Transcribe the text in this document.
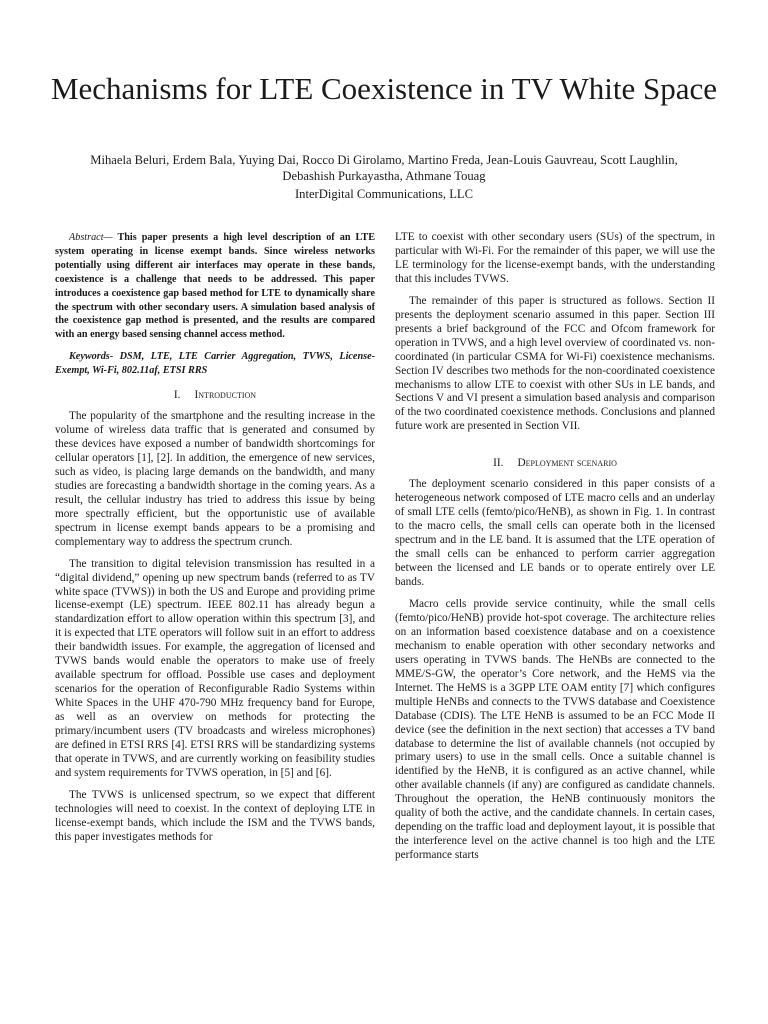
Mechanisms for LTE Coexistence in TV White Space
Mihaela Beluri, Erdem Bala, Yuying Dai, Rocco Di Girolamo, Martino Freda, Jean-Louis Gauvreau, Scott Laughlin,
Debashish Purkayastha, Athmane Touag
InterDigital Communications, LLC

Abstract— This paper presents a high level description of an LTE system operating in license exempt bands. Since wireless networks potentially using different air interfaces may operate in these bands, coexistence is a challenge that needs to be addressed. This paper introduces a coexistence gap based method for LTE to dynamically share the spectrum with other secondary users. A simulation based analysis of the coexistence gap method is presented, and the results are compared with an energy based sensing channel access method.

Keywords- DSM, LTE, LTE Carrier Aggregation, TVWS, License-Exempt, Wi-Fi, 802.11af, ETSI RRS

I. Introduction

The popularity of the smartphone and the resulting increase in the volume of wireless data traffic that is generated and consumed by these devices have exposed a number of bandwidth shortcomings for cellular operators [1], [2]. In addition, the emergence of new services, such as video, is placing large demands on the bandwidth, and many studies are forecasting a bandwidth shortage in the coming years. As a result, the cellular industry has tried to address this issue by being more spectrally efficient, but the opportunistic use of available spectrum in license exempt bands appears to be a promising and complementary way to address the spectrum crunch.

The transition to digital television transmission has resulted in a “digital dividend,” opening up new spectrum bands (referred to as TV white space (TVWS)) in both the US and Europe and providing prime license-exempt (LE) spectrum. IEEE 802.11 has already begun a standardization effort to allow operation within this spectrum [3], and it is expected that LTE operators will follow suit in an effort to address their bandwidth issues. For example, the aggregation of licensed and TVWS bands would enable the operators to make use of freely available spectrum for offload. Possible use cases and deployment scenarios for the operation of Reconfigurable Radio Systems within White Spaces in the UHF 470-790 MHz frequency band for Europe, as well as an overview on methods for protecting the primary/incumbent users (TV broadcasts and wireless microphones) are defined in ETSI RRS [4]. ETSI RRS will be standardizing systems that operate in TVWS, and are currently working on feasibility studies and system requirements for TVWS operation, in [5] and [6].

The TVWS is unlicensed spectrum, so we expect that different technologies will need to coexist. In the context of deploying LTE in license-exempt bands, which include the ISM and the TVWS bands, this paper investigates methods for

LTE to coexist with other secondary users (SUs) of the spectrum, in particular with Wi-Fi. For the remainder of this paper, we will use the LE terminology for the license-exempt bands, with the understanding that this includes TVWS.

The remainder of this paper is structured as follows. Section II presents the deployment scenario assumed in this paper. Section III presents a brief background of the FCC and Ofcom framework for operation in TVWS, and a high level overview of coordinated vs. non-coordinated (in particular CSMA for Wi-Fi) coexistence mechanisms. Section IV describes two methods for the non-coordinated coexistence mechanisms to allow LTE to coexist with other SUs in LE bands, and Sections V and VI present a simulation based analysis and comparison of the two coordinated coexistence methods. Conclusions and planned future work are presented in Section VII.

II. Deployment scenario

The deployment scenario considered in this paper consists of a heterogeneous network composed of LTE macro cells and an underlay of small LTE cells (femto/pico/HeNB), as shown in Fig. 1. In contrast to the macro cells, the small cells can operate both in the licensed spectrum and in the LE band. It is assumed that the LTE operation of the small cells can be enhanced to perform carrier aggregation between the licensed and LE bands or to operate entirely over LE bands.

Macro cells provide service continuity, while the small cells (femto/pico/HeNB) provide hot-spot coverage. The architecture relies on an information based coexistence database and on a coexistence mechanism to enable operation with other secondary networks and users operating in TVWS bands. The HeNBs are connected to the MME/S-GW, the operator’s Core network, and the HeMS via the Internet. The HeMS is a 3GPP LTE OAM entity [7] which configures multiple HeNBs and connects to the TVWS database and Coexistence Database (CDIS). The LTE HeNB is assumed to be an FCC Mode II device (see the definition in the next section) that accesses a TV band database to determine the list of available channels (not occupied by primary users) to use in the small cells. Once a suitable channel is identified by the HeNB, it is configured as an active channel, while other available channels (if any) are configured as candidate channels. Throughout the operation, the HeNB continuously monitors the quality of both the active, and the candidate channels. In certain cases, depending on the traffic load and deployment layout, it is possible that the interference level on the active channel is too high and the LTE performance starts
